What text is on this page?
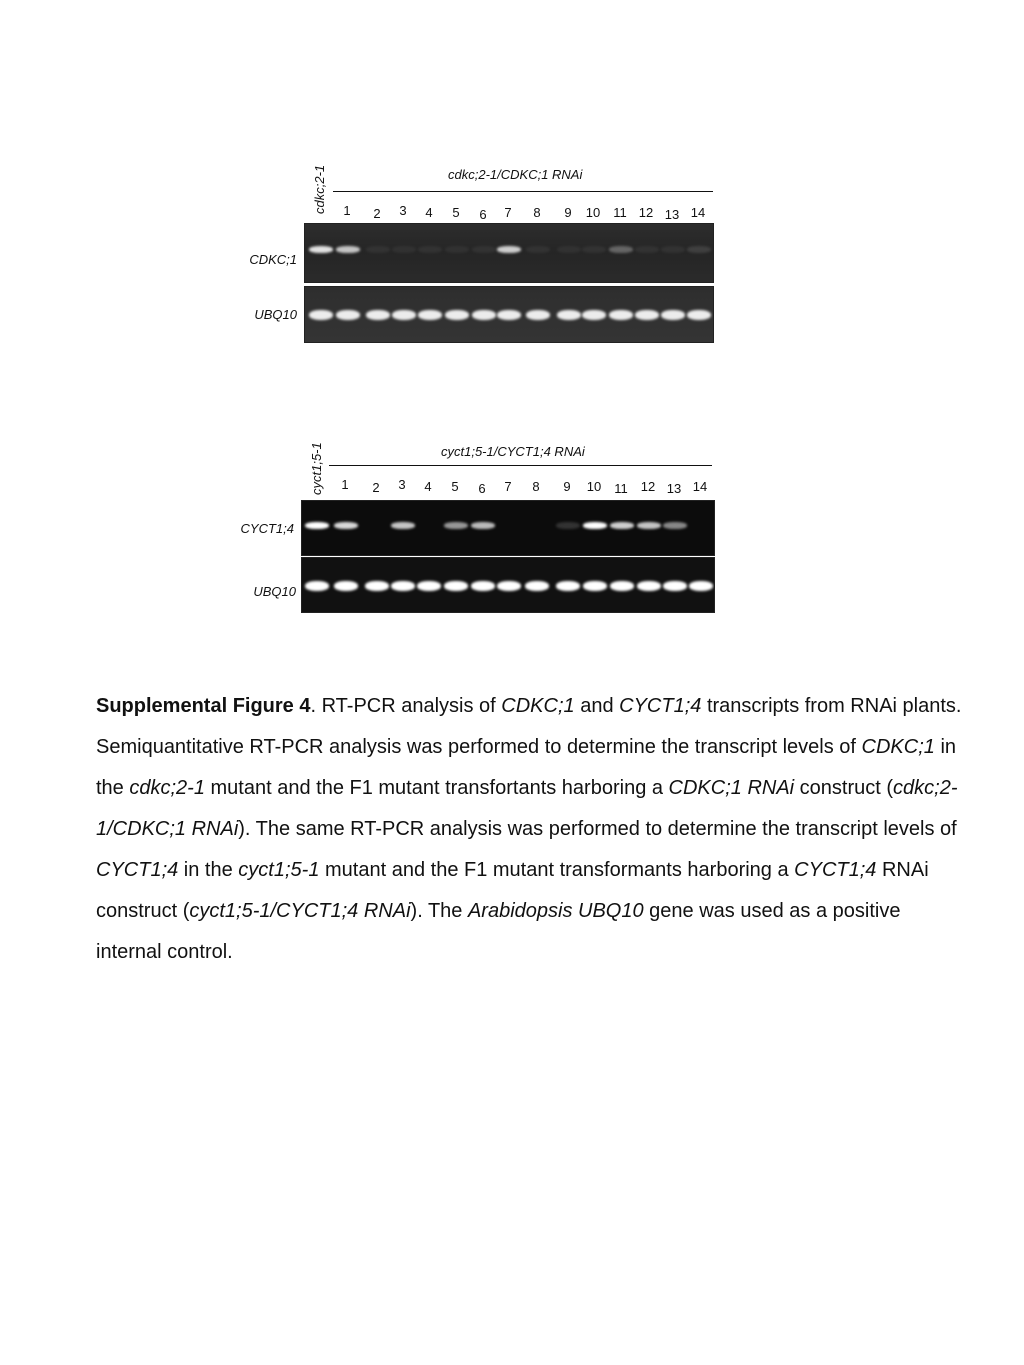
cdkc;2-1	cdkc;2-1/CDKC;1 RNAi
1	2	3	4	5	6	7	8	9	10	11 12 13 14
CDKC;1
UBQ10
cyct1;5-1	cyct1;5-1/CYCT1;4 RNAi
1	2	3	4	5	6	7	8	9	10	11	12 13 14
CYCT1;4
UBQ10
Supplemental Figure 4. RT-PCR analysis of CDKC;1 and CYCT1;4 transcripts from RNAi plants. Semiquantitative RT-PCR analysis was performed to determine the transcript levels of CDKC;1 in the cdkc;2-1 mutant and the F1 mutant transfortants harboring a CDKC;1 RNAi construct (cdkc;2-1/CDKC;1 RNAi). The same RT-PCR analysis was performed to determine the transcript levels of CYCT1;4 in the cyct1;5-1 mutant and the F1 mutant transformants harboring a CYCT1;4 RNAi construct (cyct1;5-1/CYCT1;4 RNAi). The Arabidopsis UBQ10 gene was used as a positive internal control.
